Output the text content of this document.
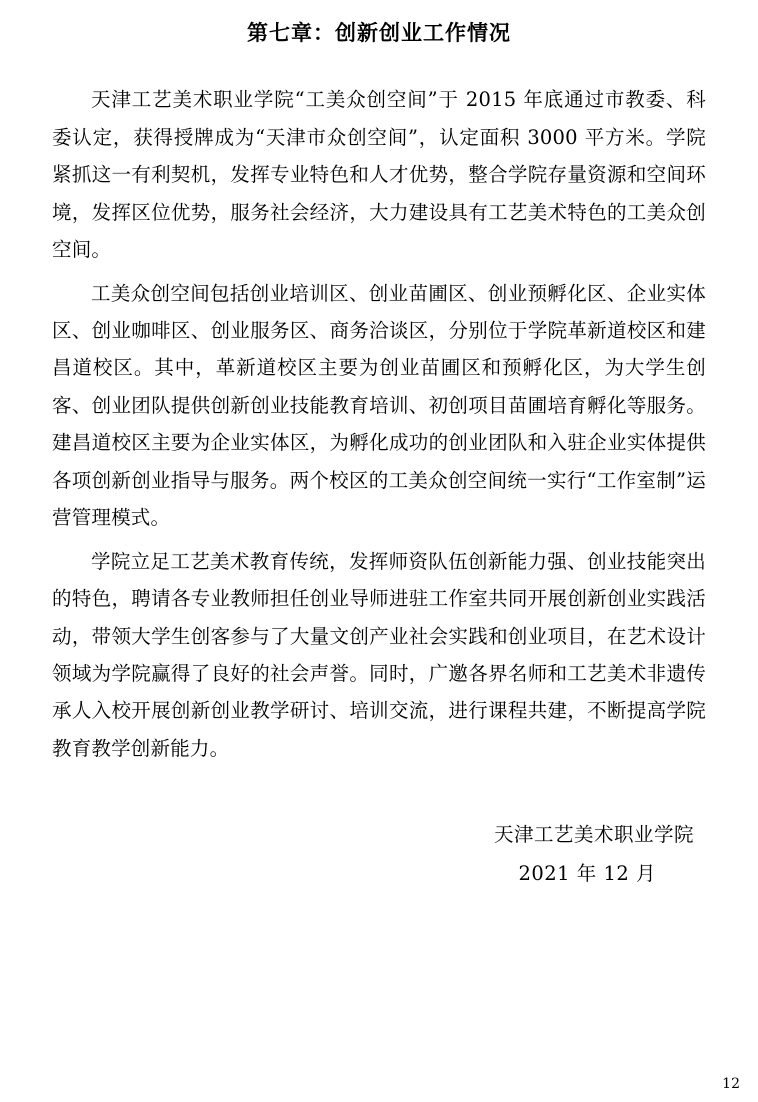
第七章：创新创业工作情况

天津工艺美术职业学院“工美众创空间”于 2015 年底通过市教委、科委认定，获得授牌成为“天津市众创空间”，认定面积 3000 平方米。学院紧抓这一有利契机，发挥专业特色和人才优势，整合学院存量资源和空间环境，发挥区位优势，服务社会经济，大力建设具有工艺美术特色的工美众创空间。

工美众创空间包括创业培训区、创业苗圃区、创业预孵化区、企业实体区、创业咖啡区、创业服务区、商务洽谈区，分别位于学院革新道校区和建昌道校区。其中，革新道校区主要为创业苗圃区和预孵化区，为大学生创客、创业团队提供创新创业技能教育培训、初创项目苗圃培育孵化等服务。建昌道校区主要为企业实体区，为孵化成功的创业团队和入驻企业实体提供各项创新创业指导与服务。两个校区的工美众创空间统一实行“工作室制”运营管理模式。

学院立足工艺美术教育传统，发挥师资队伍创新能力强、创业技能突出的特色，聘请各专业教师担任创业导师进驻工作室共同开展创新创业实践活动，带领大学生创客参与了大量文创产业社会实践和创业项目，在艺术设计领域为学院赢得了良好的社会声誉。同时，广邀各界名师和工艺美术非遗传承人入校开展创新创业教学研讨、培训交流，进行课程共建，不断提高学院教育教学创新能力。

天津工艺美术职业学院
2021 年 12 月
12
